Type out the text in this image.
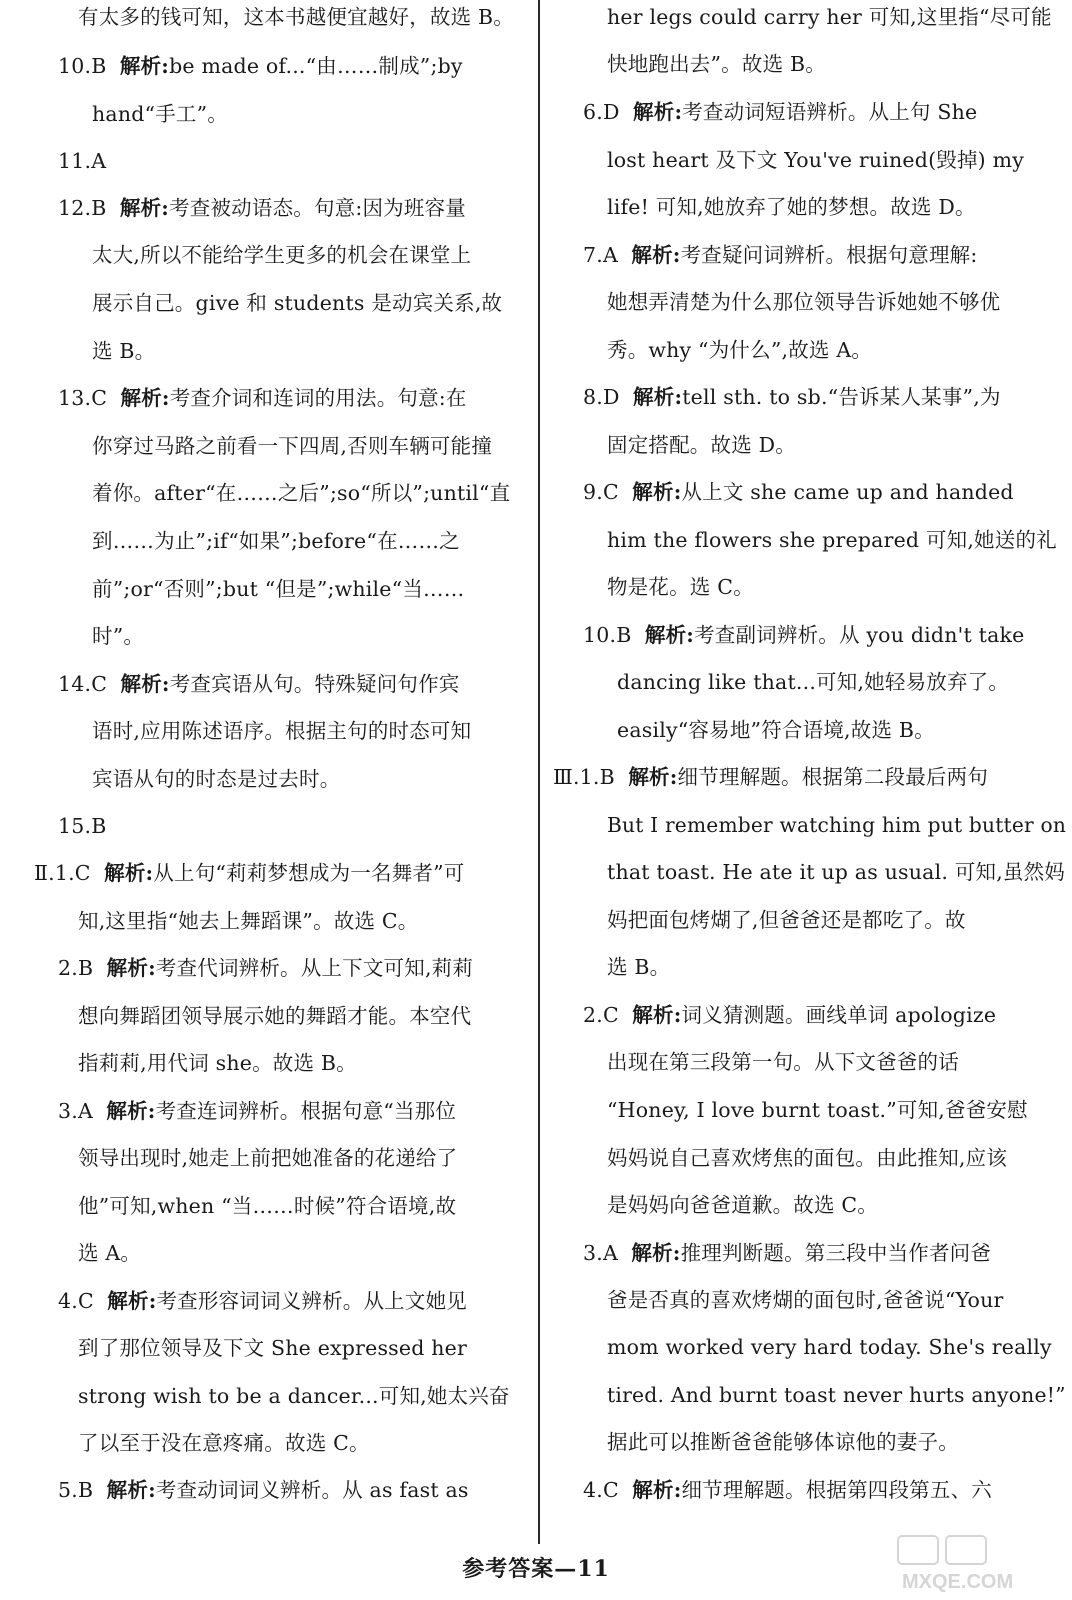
有太多的钱可知，这本书越便宜越好，故选 B。
10.B 解析:be made of...“由……制成”;by
hand“手工”。
11.A
12.B 解析:考查被动语态。句意:因为班容量
太大,所以不能给学生更多的机会在课堂上
展示自己。give 和 students 是动宾关系,故
选 B。
13.C 解析:考查介词和连词的用法。句意:在
你穿过马路之前看一下四周,否则车辆可能撞
着你。after“在……之后”;so“所以”;until“直
到……为止”;if“如果”;before“在……之
前”;or“否则”;but “但是”;while“当……
时”。
14.C 解析:考查宾语从句。特殊疑问句作宾
语时,应用陈述语序。根据主句的时态可知
宾语从句的时态是过去时。
15.B
Ⅱ.1.C 解析:从上句“莉莉梦想成为一名舞者”可
知,这里指“她去上舞蹈课”。故选 C。
2.B 解析:考查代词辨析。从上下文可知,莉莉
想向舞蹈团领导展示她的舞蹈才能。本空代
指莉莉,用代词 she。故选 B。
3.A 解析:考查连词辨析。根据句意“当那位
领导出现时,她走上前把她准备的花递给了
他”可知,when “当……时候”符合语境,故
选 A。
4.C 解析:考查形容词词义辨析。从上文她见
到了那位领导及下文 She expressed her
strong wish to be a dancer...可知,她太兴奋
了以至于没在意疼痛。故选 C。
5.B 解析:考查动词词义辨析。从 as fast as
her legs could carry her 可知,这里指“尽可能
快地跑出去”。故选 B。
6.D 解析:考查动词短语辨析。从上句 She
lost heart 及下文 You've ruined(毁掉) my
life! 可知,她放弃了她的梦想。故选 D。
7.A 解析:考查疑问词辨析。根据句意理解:
她想弄清楚为什么那位领导告诉她她不够优
秀。why “为什么”,故选 A。
8.D 解析:tell sth. to sb.“告诉某人某事”,为
固定搭配。故选 D。
9.C 解析:从上文 she came up and handed
him the flowers she prepared 可知,她送的礼
物是花。选 C。
10.B 解析:考查副词辨析。从 you didn't take
dancing like that...可知,她轻易放弃了。
easily“容易地”符合语境,故选 B。
Ⅲ.1.B 解析:细节理解题。根据第二段最后两句
But I remember watching him put butter on
that toast. He ate it up as usual. 可知,虽然妈
妈把面包烤煳了,但爸爸还是都吃了。故
选 B。
2.C 解析:词义猜测题。画线单词 apologize
出现在第三段第一句。从下文爸爸的话
“Honey, I love burnt toast.”可知,爸爸安慰
妈妈说自己喜欢烤焦的面包。由此推知,应该
是妈妈向爸爸道歉。故选 C。
3.A 解析:推理判断题。第三段中当作者问爸
爸是否真的喜欢烤煳的面包时,爸爸说“Your
mom worked very hard today. She's really
tired. And burnt toast never hurts anyone!”
据此可以推断爸爸能够体谅他的妻子。
4.C 解析:细节理解题。根据第四段第五、六
参考答案—11	MXQE.COM
